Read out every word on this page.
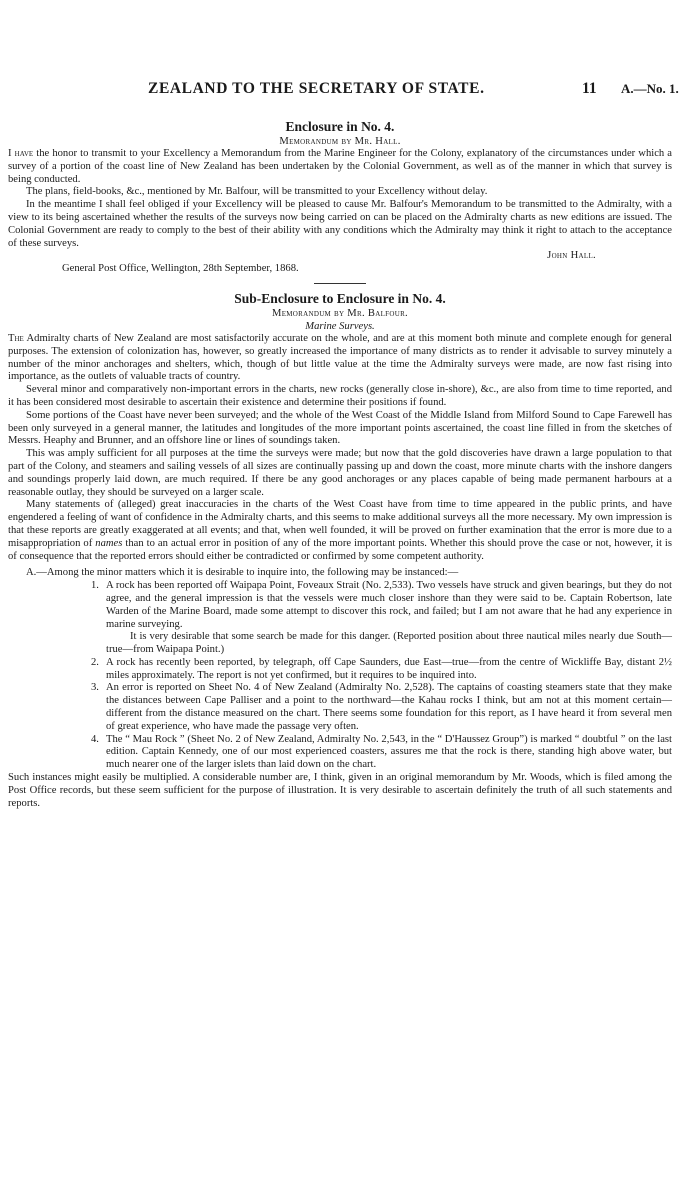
ZEALAND TO THE SECRETARY OF STATE.	11 A.—No. 1.
Enclosure in No. 4.
Memorandum by Mr. Hall.

I have the honor to transmit to your Excellency a Memorandum from the Marine Engineer for the Colony, explanatory of the circumstances under which a survey of a portion of the coast line of New Zealand has been undertaken by the Colonial Government, as well as of the manner in which that survey is being conducted.

The plans, field-books, &c., mentioned by Mr. Balfour, will be transmitted to your Excellency without delay.

In the meantime I shall feel obliged if your Excellency will be pleased to cause Mr. Balfour's Memorandum to be transmitted to the Admiralty, with a view to its being ascertained whether the results of the surveys now being carried on can be placed on the Admiralty charts as new editions are issued. The Colonial Government are ready to comply to the best of their ability with any conditions which the Admiralty may think it right to attach to the acceptance of these surveys.

John Hall.

General Post Office, Wellington, 28th September, 1868.

Sub-Enclosure to Enclosure in No. 4.
Memorandum by Mr. Balfour.
Marine Surveys.

The Admiralty charts of New Zealand are most satisfactorily accurate on the whole, and are at this moment both minute and complete enough for general purposes. The extension of colonization has, however, so greatly increased the importance of many districts as to render it advisable to survey minutely a number of the minor anchorages and shelters, which, though of but little value at the time the Admiralty surveys were made, are now fast rising into importance, as the outlets of valuable tracts of country.

Several minor and comparatively non-important errors in the charts, new rocks (generally close in-shore), &c., are also from time to time reported, and it has been considered most desirable to ascertain their existence and determine their positions if found.

Some portions of the Coast have never been surveyed; and the whole of the West Coast of the Middle Island from Milford Sound to Cape Farewell has been only surveyed in a general manner, the latitudes and longitudes of the more important points ascertained, the coast line filled in from the sketches of Messrs. Heaphy and Brunner, and an offshore line or lines of soundings taken.

This was amply sufficient for all purposes at the time the surveys were made; but now that the gold discoveries have drawn a large population to that part of the Colony, and steamers and sailing vessels of all sizes are continually passing up and down the coast, more minute charts with the inshore dangers and soundings properly laid down, are much required. If there be any good anchorages or any places capable of being made permanent harbours at a reasonable outlay, they should be surveyed on a larger scale.

Many statements of (alleged) great inaccuracies in the charts of the West Coast have from time to time appeared in the public prints, and have engendered a feeling of want of confidence in the Admiralty charts, and this seems to make additional surveys all the more necessary. My own impression is that these reports are greatly exaggerated at all events; and that, when well founded, it will be proved on further examination that the error is more due to a misappropriation of names than to an actual error in position of any of the more important points. Whether this should prove the case or not, however, it is of consequence that the reported errors should either be contradicted or confirmed by some competent authority.

A.—Among the minor matters which it is desirable to inquire into, the following may be instanced:—

1. A rock has been reported off Waipapa Point, Foveaux Strait (No. 2,533). Two vessels have struck and given bearings, but they do not agree, and the general impression is that the vessels were much closer inshore than they were said to be. Captain Robertson, late Warden of the Marine Board, made some attempt to discover this rock, and failed; but I am not aware that he had any experience in marine surveying.
It is very desirable that some search be made for this danger. (Reported position about three nautical miles nearly due South—true—from Waipapa Point.)
2. A rock has recently been reported, by telegraph, off Cape Saunders, due East—true—from the centre of Wickliffe Bay, distant 2½ miles approximately. The report is not yet confirmed, but it requires to be inquired into.
3. An error is reported on Sheet No. 4 of New Zealand (Admiralty No. 2,528). The captains of coasting steamers state that they make the distances between Cape Palliser and a point to the northward—the Kahau rocks I think, but am not at this moment certain—different from the distance measured on the chart. There seems some foundation for this report, as I have heard it from several men of great experience, who have made the passage very often.
4. The “ Mau Rock ” (Sheet No. 2 of New Zealand, Admiralty No. 2,543, in the “ D'Haussez Group”) is marked “ doubtful ” on the last edition. Captain Kennedy, one of our most experienced coasters, assures me that the rock is there, standing high above water, but much nearer one of the larger islets than laid down on the chart.

Such instances might easily be multiplied. A considerable number are, I think, given in an original memorandum by Mr. Woods, which is filed among the Post Office records, but these seem sufficient for the purpose of illustration. It is very desirable to ascertain definitely the truth of all such statements and reports.
